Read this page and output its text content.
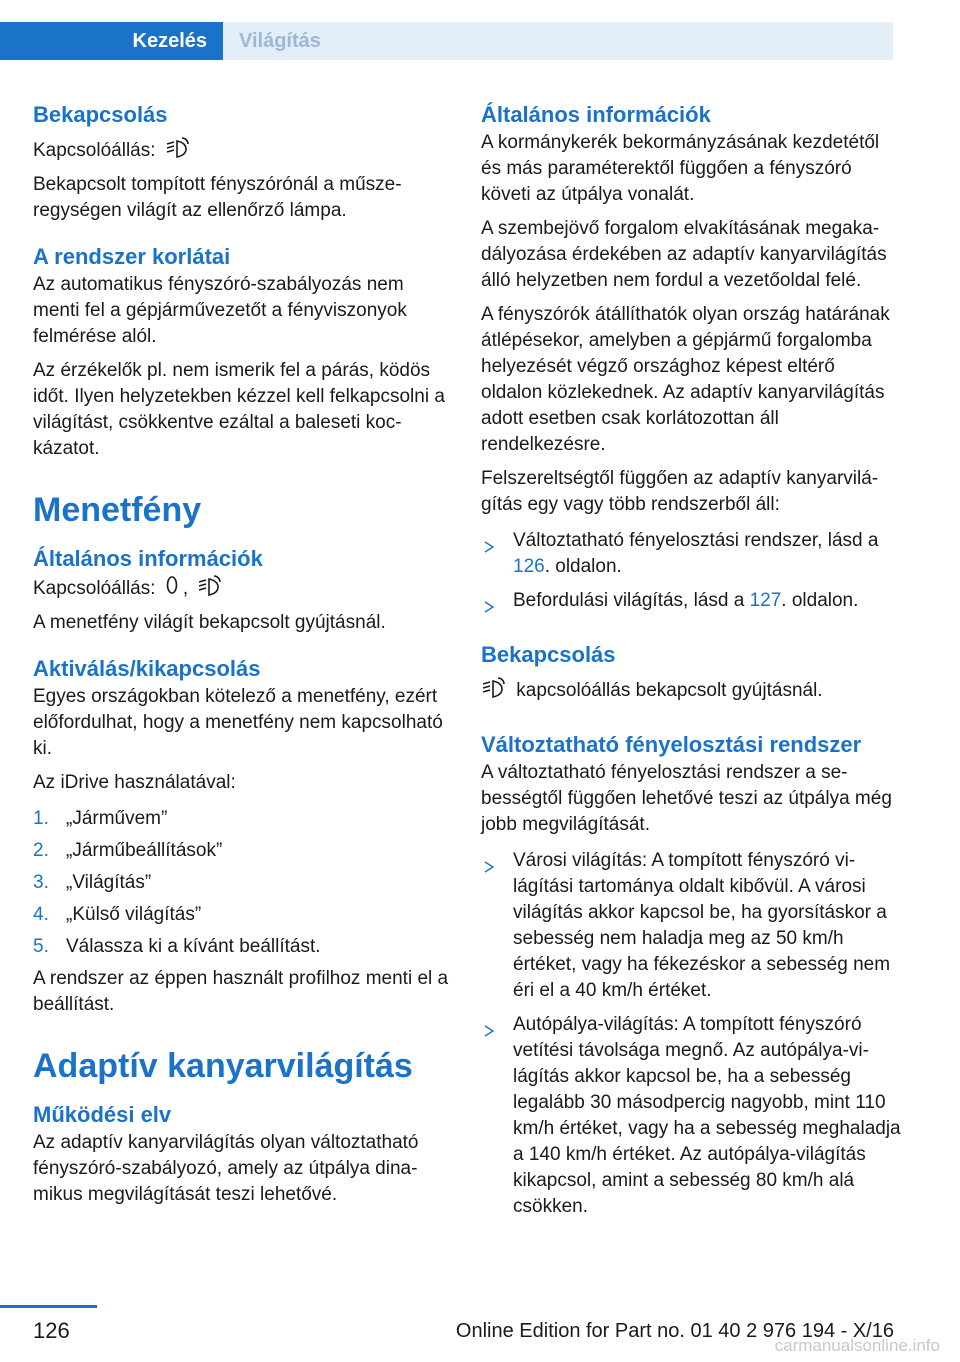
Kezelés Világítás
Bekapcsolás

Kapcsolóállás:

Bekapcsolt tompított fényszórónál a műszeregységen világít az ellenőrző lámpa.

A rendszer korlátai

Az automatikus fényszóró-szabályozás nem menti fel a gépjárművezetőt a fényviszonyok felmérése alól.

Az érzékelők pl. nem ismerik fel a párás, ködös időt. Ilyen helyzetekben kézzel kell felkapcsolni a világítást, csökkentve ezáltal a baleseti kockázatot.

Menetfény
Általános információk

Kapcsolóállás: ,

A menetfény világít bekapcsolt gyújtásnál.

Aktiválás/kikapcsolás

Egyes országokban kötelező a menetfény, ezért előfordulhat, hogy a menetfény nem kapcsolható ki.

Az iDrive használatával:

1. „Járművem”
2. „Járműbeállítások”
3. „Világítás”
4. „Külső világítás”
5. Válassza ki a kívánt beállítást.

A rendszer az éppen használt profilhoz menti el a beállítást.

Adaptív kanyarvilágítás
Működési elv

Az adaptív kanyarvilágítás olyan változtatható fényszóró-szabályozó, amely az útpálya dinamikus megvilágítását teszi lehetővé.

Általános információk

A kormánykerék bekormányzásának kezdetétől és más paraméterektől függően a fényszóró követi az útpálya vonalát.

A szembejövő forgalom elvakításának megakadályozása érdekében az adaptív kanyarvilágítás álló helyzetben nem fordul a vezetőoldal felé.

A fényszórók átállíthatók olyan ország határának átlépésekor, amelyben a gépjármű forgalomba helyezését végző országhoz képest eltérő oldalon közlekednek. Az adaptív kanyarvilágítás adott esetben csak korlátozottan áll rendelkezésre.

Felszereltségtől függően az adaptív kanyarvilágítás egy vagy több rendszerből áll:

Változtatható fényelosztási rendszer, lásd a 126. oldalon.
Befordulási világítás, lásd a 127. oldalon.
Bekapcsolás

kapcsolóállás bekapcsolt gyújtásnál.

Változtatható fényelosztási rendszer

A változtatható fényelosztási rendszer a sebességtől függően lehetővé teszi az útpálya még jobb megvilágítását.

Városi világítás: A tompított fényszóró világítási tartománya oldalt kibővül. A városi világítás akkor kapcsol be, ha gyorsításkor a sebesség nem haladja meg az 50 km/h értéket, vagy ha fékezéskor a sebesség nem éri el a 40 km/h értéket.
Autópálya-világítás: A tompított fényszóró vetítési távolsága megnő. Az autópálya-világítás akkor kapcsol be, ha a sebesség legalább 30 másodpercig nagyobb, mint 110 km/h értéket, vagy ha a sebesség meghaladja a 140 km/h értéket. Az autópálya-világítás kikapcsol, amint a sebesség 80 km/h alá csökken.
126	Online Edition for Part no. 01 40 2 976 194 - X/16
carmanualsonline.info
